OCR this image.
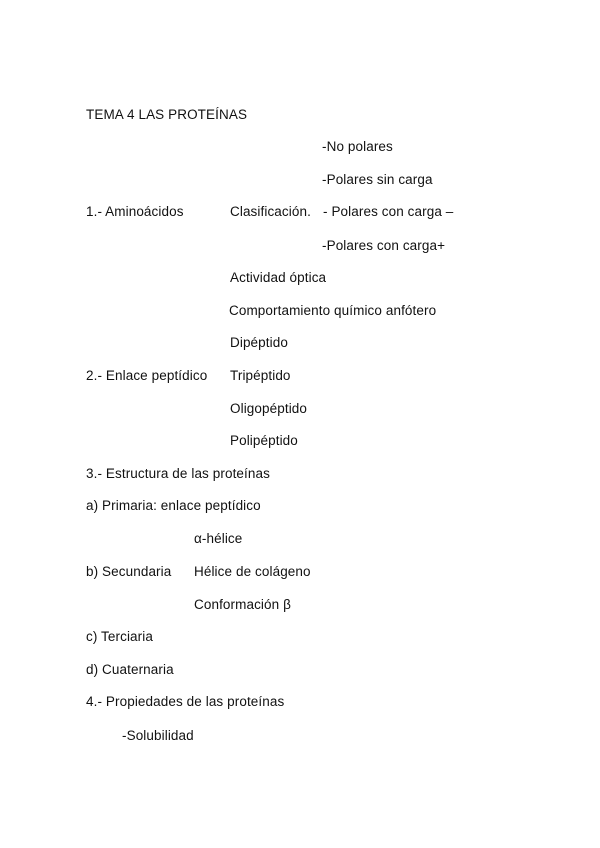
TEMA 4 LAS PROTEÍNAS
-No polares
-Polares sin carga
1.- Aminoácidos	Clasificación. - Polares con carga –
-Polares con carga+
Actividad óptica
Comportamiento químico anfótero
Dipéptido
2.- Enlace peptídico Tripéptido
Oligopéptido
Polipéptido
3.- Estructura de las proteínas
a) Primaria: enlace peptídico
α-hélice
b) Secundaria Hélice de colágeno
Conformación β
c) Terciaria
d) Cuaternaria
4.- Propiedades de las proteínas
-Solubilidad
